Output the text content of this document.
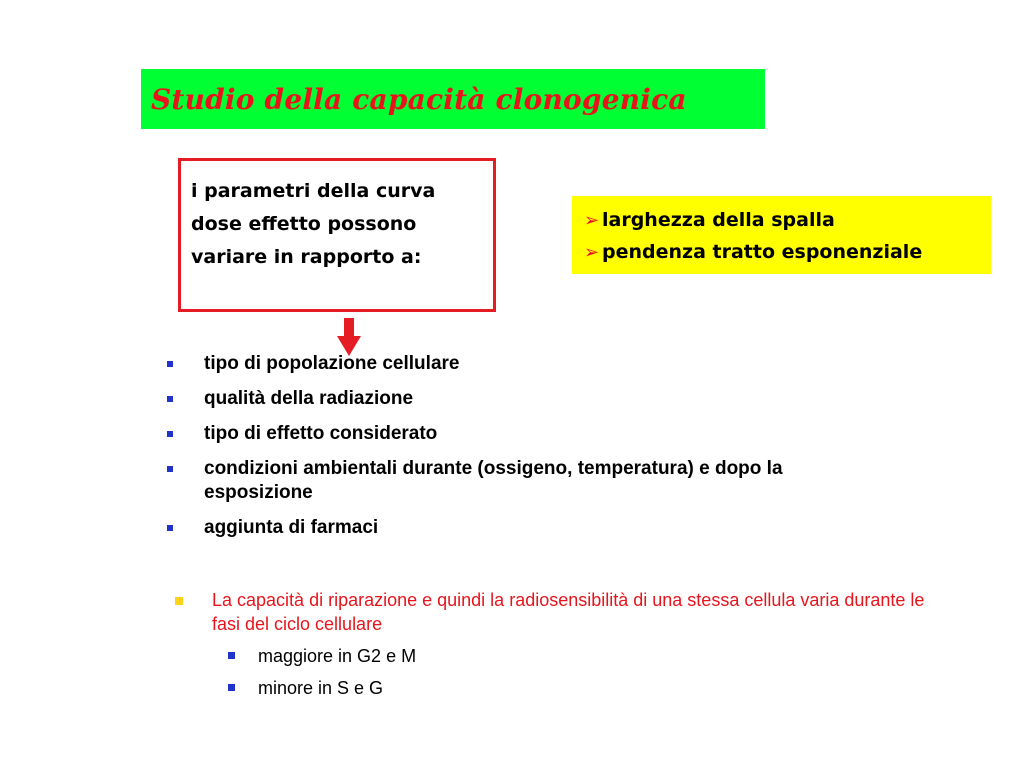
Studio della capacità clonogenica
i parametri della curva
dose effetto possono
variare in rapporto a:
➢ larghezza della spalla
➢ pendenza tratto esponenziale
tipo di popolazione cellulare
qualità della radiazione
tipo di effetto considerato
condizioni ambientali durante (ossigeno, temperatura) e dopo la esposizione
aggiunta di farmaci
La capacità di riparazione e quindi la radiosensibilità di una stessa cellula varia durante le fasi del ciclo cellulare
maggiore in G2 e M
minore in S e G
